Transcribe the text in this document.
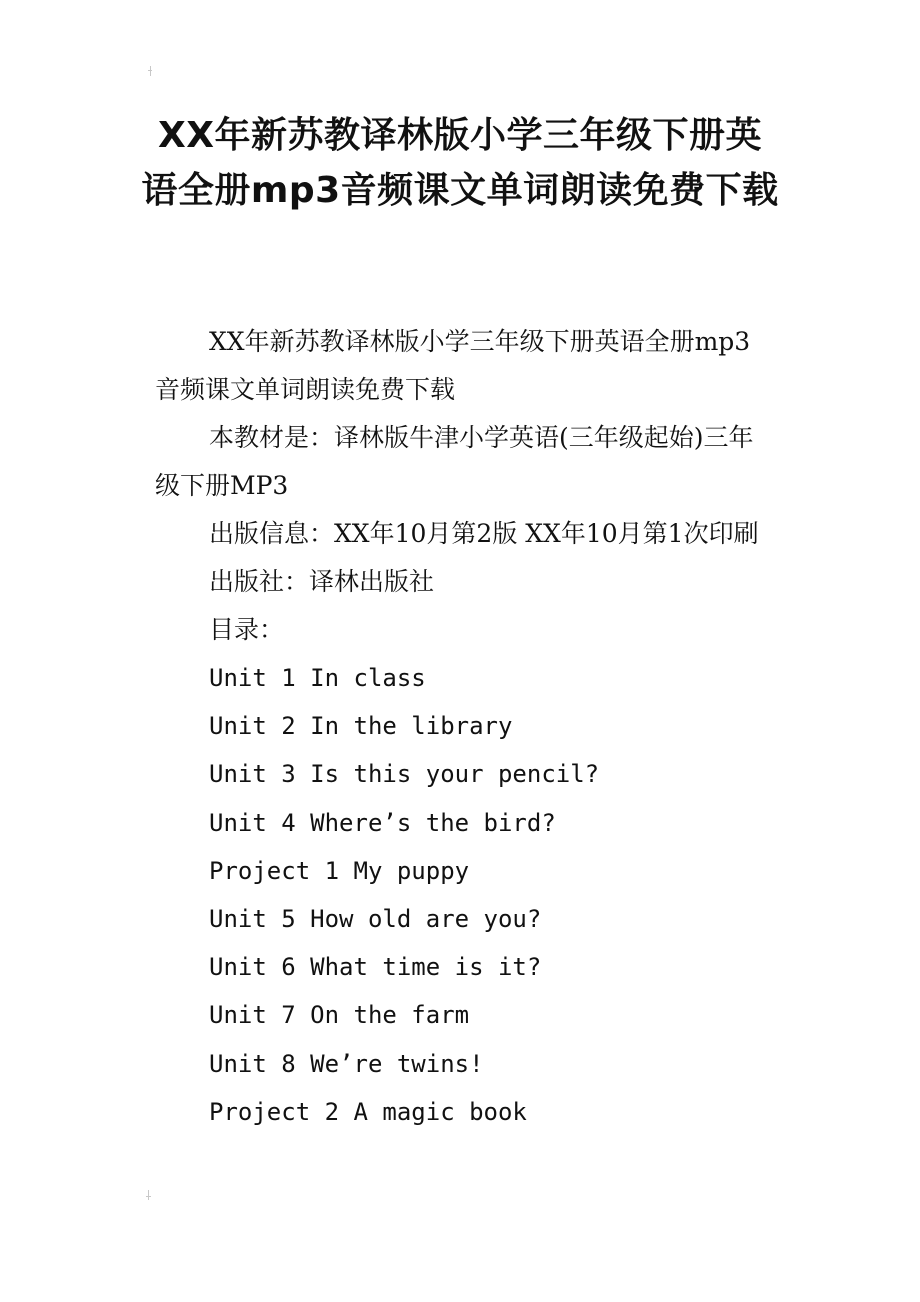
XX年新苏教译林版小学三年级下册英语全册mp3音频课文单词朗读免费下载

XX年新苏教译林版小学三年级下册英语全册mp3音频课文单词朗读免费下载

本教材是：译林版牛津小学英语(三年级起始)三年级下册MP3

出版信息：XX年10月第2版 XX年10月第1次印刷

出版社：译林出版社

目录：

Unit 1 In class
Unit 2 In the library
Unit 3 Is this your pencil?
Unit 4 Where’s the bird?
Project 1 My puppy
Unit 5 How old are you?
Unit 6 What time is it?
Unit 7 On the farm
Unit 8 We’re twins!
Project 2 A magic book
